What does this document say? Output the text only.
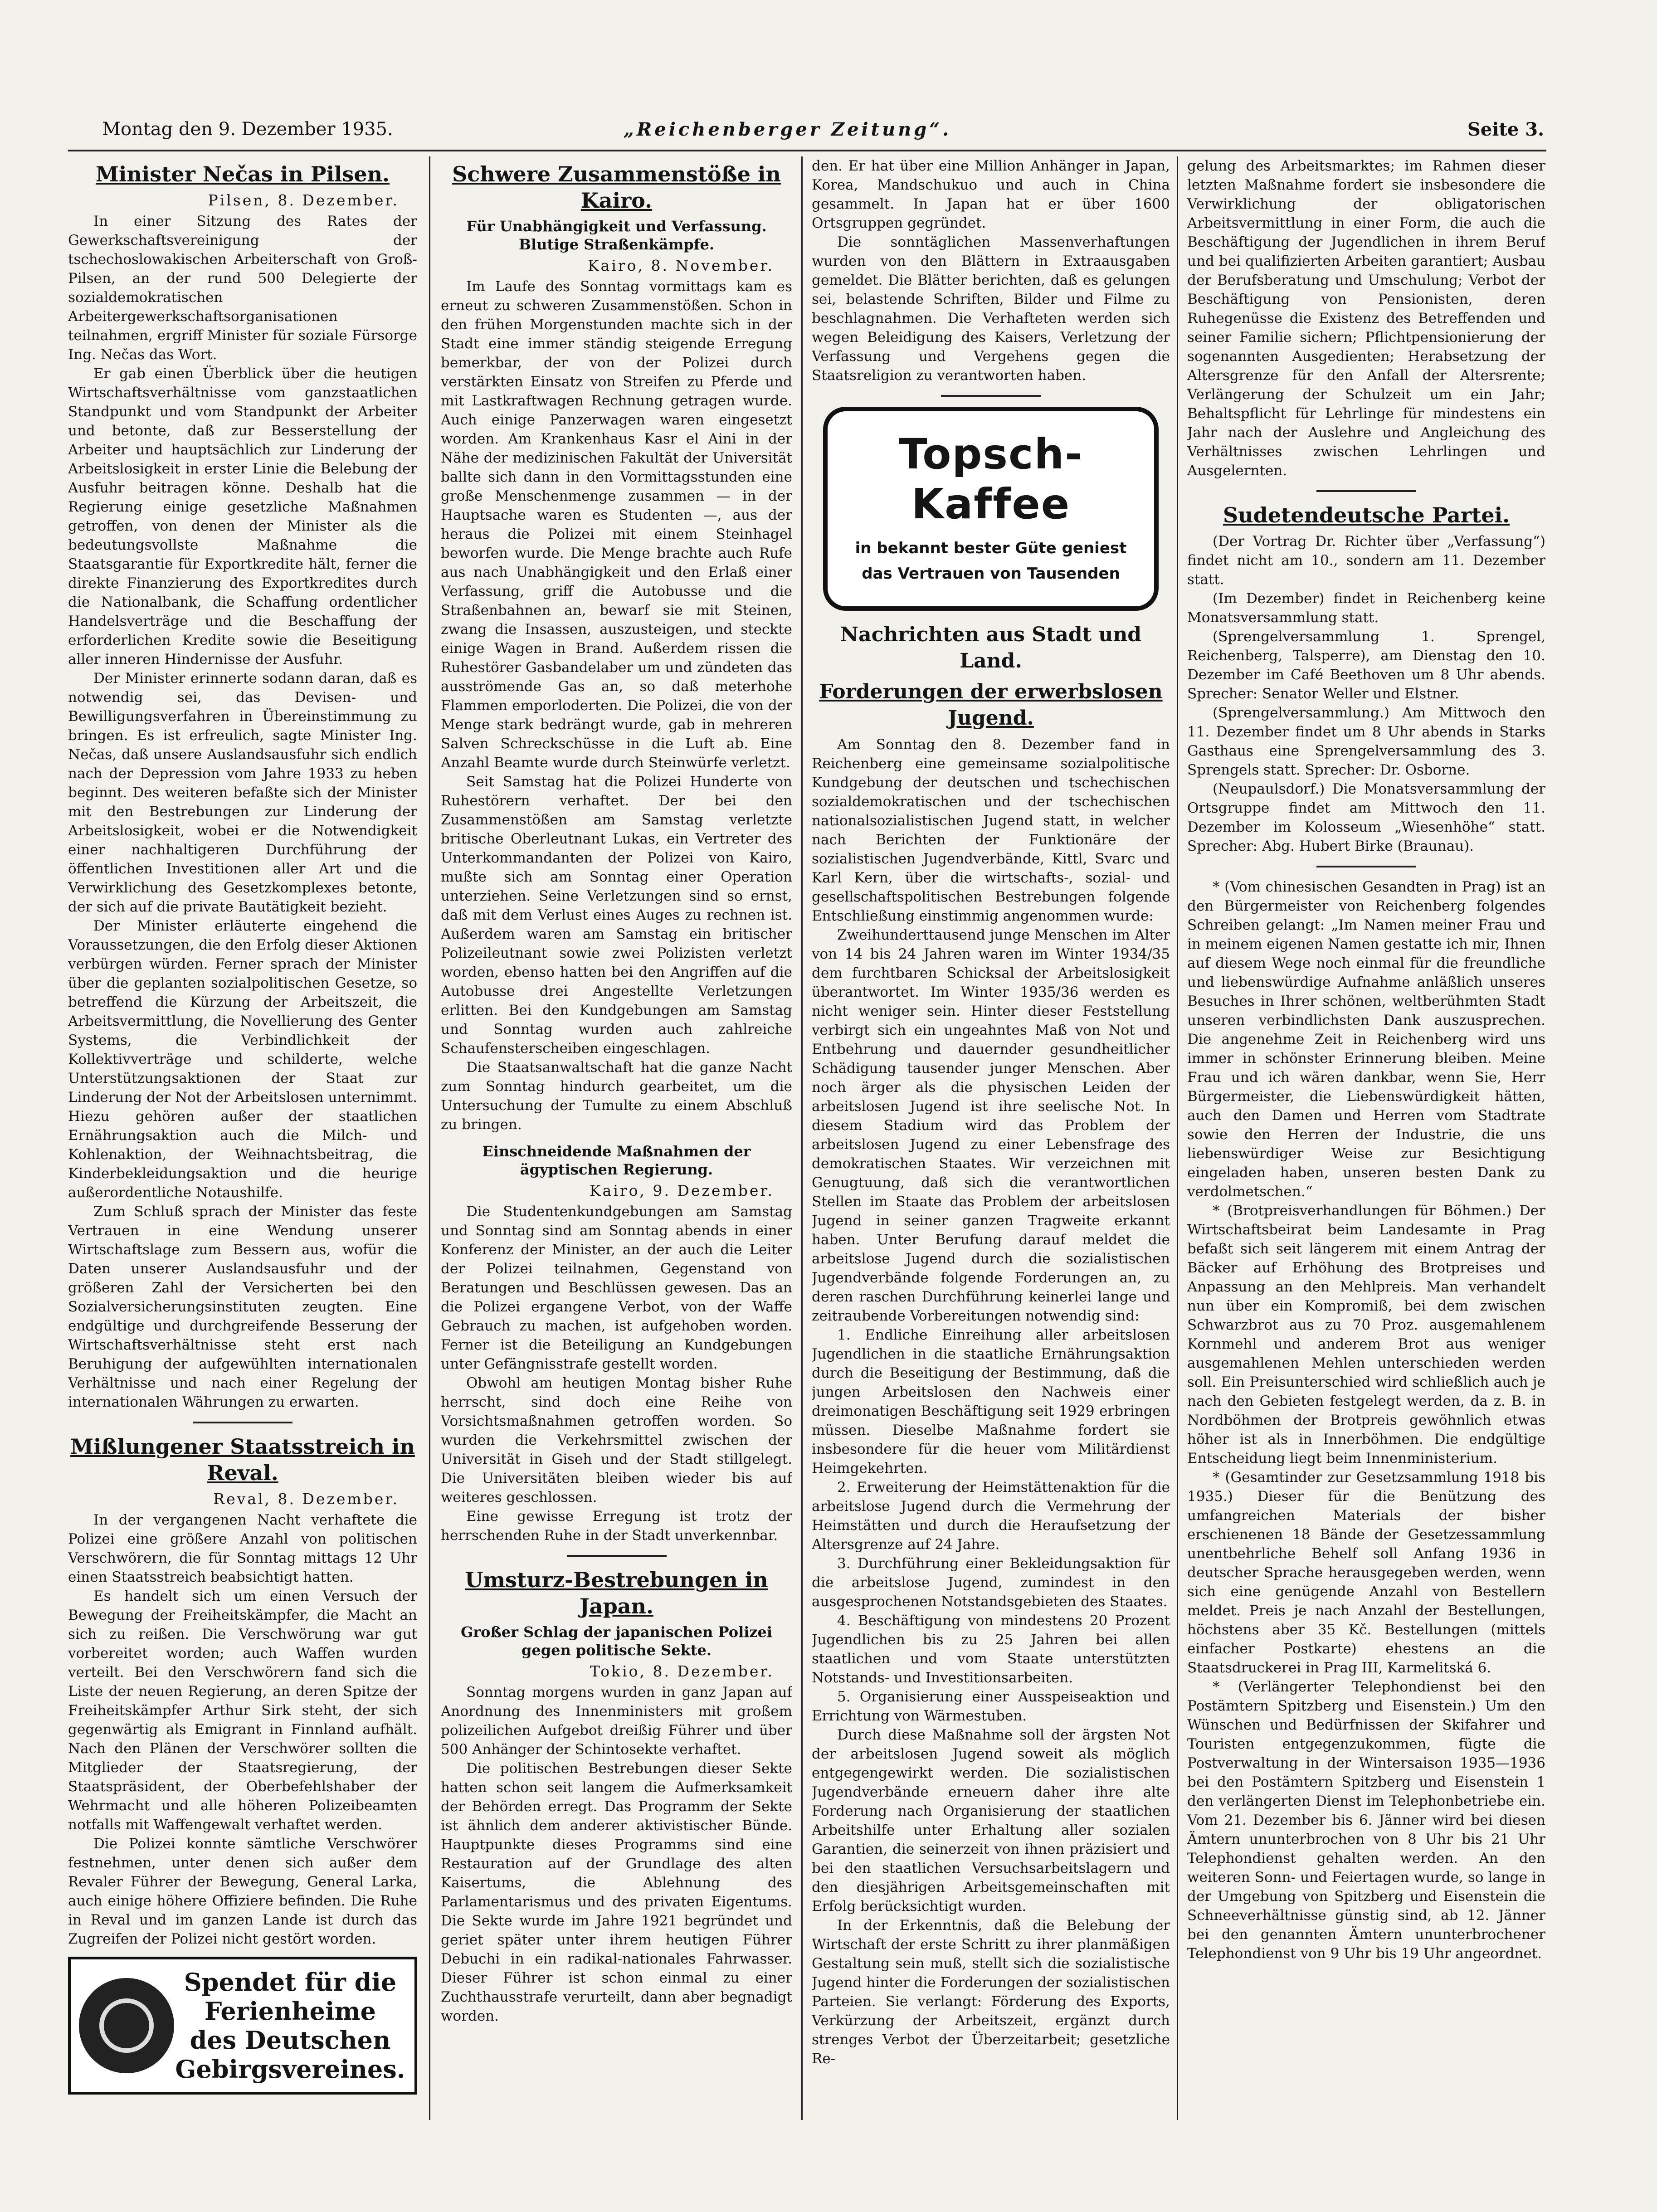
Montag den 9. Dezember 1935.	„Reichenberger Zeitung“.	Seite 3.
Minister Nečas in Pilsen.
Pilsen, 8. Dezember.

In einer Sitzung des Rates der Gewerkschaftsvereinigung der tschechoslowakischen Arbeiterschaft von Groß-Pilsen, an der rund 500 Delegierte der sozialdemokratischen Arbeitergewerkschaftsorganisationen teilnahmen, ergriff Minister für soziale Fürsorge Ing. Nečas das Wort.

Er gab einen Überblick über die heutigen Wirtschaftsverhältnisse vom ganzstaatlichen Standpunkt und vom Standpunkt der Arbeiter und betonte, daß zur Besserstellung der Arbeiter und hauptsächlich zur Linderung der Arbeitslosigkeit in erster Linie die Belebung der Ausfuhr beitragen könne. Deshalb hat die Regierung einige gesetzliche Maßnahmen getroffen, von denen der Minister als die bedeutungsvollste Maßnahme die Staatsgarantie für Exportkredite hält, ferner die direkte Finanzierung des Exportkredites durch die Nationalbank, die Schaffung ordentlicher Handelsverträge und die Beschaffung der erforderlichen Kredite sowie die Beseitigung aller inneren Hindernisse der Ausfuhr.

Der Minister erinnerte sodann daran, daß es notwendig sei, das Devisen- und Bewilligungsverfahren in Übereinstimmung zu bringen. Es ist erfreulich, sagte Minister Ing. Nečas, daß unsere Auslandsausfuhr sich endlich nach der Depression vom Jahre 1933 zu heben beginnt. Des weiteren befaßte sich der Minister mit den Bestrebungen zur Linderung der Arbeitslosigkeit, wobei er die Notwendigkeit einer nachhaltigeren Durchführung der öffentlichen Investitionen aller Art und die Verwirklichung des Gesetzkomplexes betonte, der sich auf die private Bautätigkeit bezieht.

Der Minister erläuterte eingehend die Voraussetzungen, die den Erfolg dieser Aktionen verbürgen würden. Ferner sprach der Minister über die geplanten sozialpolitischen Gesetze, so betreffend die Kürzung der Arbeitszeit, die Arbeitsvermittlung, die Novellierung des Genter Systems, die Verbindlichkeit der Kollektivverträge und schilderte, welche Unterstützungsaktionen der Staat zur Linderung der Not der Arbeitslosen unternimmt. Hiezu gehören außer der staatlichen Ernährungsaktion auch die Milch- und Kohlenaktion, der Weihnachtsbeitrag, die Kinderbekleidungsaktion und die heurige außerordentliche Notaushilfe.

Zum Schluß sprach der Minister das feste Vertrauen in eine Wendung unserer Wirtschaftslage zum Bessern aus, wofür die Daten unserer Auslandsausfuhr und der größeren Zahl der Versicherten bei den Sozialversicherungsinstituten zeugten. Eine endgültige und durchgreifende Besserung der Wirtschaftsverhältnisse steht erst nach Beruhigung der aufgewühlten internationalen Verhältnisse und nach einer Regelung der internationalen Währungen zu erwarten.

Mißlungener Staatsstreich in Reval.
Reval, 8. Dezember.

In der vergangenen Nacht verhaftete die Polizei eine größere Anzahl von politischen Verschwörern, die für Sonntag mittags 12 Uhr einen Staatsstreich beabsichtigt hatten.

Es handelt sich um einen Versuch der Bewegung der Freiheitskämpfer, die Macht an sich zu reißen. Die Verschwörung war gut vorbereitet worden; auch Waffen wurden verteilt. Bei den Verschwörern fand sich die Liste der neuen Regierung, an deren Spitze der Freiheitskämpfer Arthur Sirk steht, der sich gegenwärtig als Emigrant in Finnland aufhält. Nach den Plänen der Verschwörer sollten die Mitglieder der Staatsregierung, der Staatspräsident, der Oberbefehlshaber der Wehrmacht und alle höheren Polizeibeamten notfalls mit Waffengewalt verhaftet werden.

Die Polizei konnte sämtliche Verschwörer festnehmen, unter denen sich außer dem Revaler Führer der Bewegung, General Larka, auch einige höhere Offiziere befinden. Die Ruhe in Reval und im ganzen Lande ist durch das Zugreifen der Polizei nicht gestört worden.

Spendet für die
Ferienheime
des Deutschen
Gebirgsvereines.
Schwere Zusammenstöße in Kairo.
Für Unabhängigkeit und Verfassung. Blutige Straßenkämpfe.
Kairo, 8. November.

Im Laufe des Sonntag vormittags kam es erneut zu schweren Zusammenstößen. Schon in den frühen Morgenstunden machte sich in der Stadt eine immer ständig steigende Erregung bemerkbar, der von der Polizei durch verstärkten Einsatz von Streifen zu Pferde und mit Lastkraftwagen Rechnung getragen wurde. Auch einige Panzerwagen waren eingesetzt worden. Am Krankenhaus Kasr el Aini in der Nähe der medizinischen Fakultät der Universität ballte sich dann in den Vormittagsstunden eine große Menschenmenge zusammen — in der Hauptsache waren es Studenten —, aus der heraus die Polizei mit einem Steinhagel beworfen wurde. Die Menge brachte auch Rufe aus nach Unabhängigkeit und den Erlaß einer Verfassung, griff die Autobusse und die Straßenbahnen an, bewarf sie mit Steinen, zwang die Insassen, auszusteigen, und steckte einige Wagen in Brand. Außerdem rissen die Ruhestörer Gasbandelaber um und zündeten das ausströmende Gas an, so daß meterhohe Flammen emporloderten. Die Polizei, die von der Menge stark bedrängt wurde, gab in mehreren Salven Schreckschüsse in die Luft ab. Eine Anzahl Beamte wurde durch Steinwürfe verletzt.

Seit Samstag hat die Polizei Hunderte von Ruhestörern verhaftet. Der bei den Zusammenstößen am Samstag verletzte britische Oberleutnant Lukas, ein Vertreter des Unterkommandanten der Polizei von Kairo, mußte sich am Sonntag einer Operation unterziehen. Seine Verletzungen sind so ernst, daß mit dem Verlust eines Auges zu rechnen ist. Außerdem waren am Samstag ein britischer Polizeileutnant sowie zwei Polizisten verletzt worden, ebenso hatten bei den Angriffen auf die Autobusse drei Angestellte Verletzungen erlitten. Bei den Kundgebungen am Samstag und Sonntag wurden auch zahlreiche Schaufensterscheiben eingeschlagen.

Die Staatsanwaltschaft hat die ganze Nacht zum Sonntag hindurch gearbeitet, um die Untersuchung der Tumulte zu einem Abschluß zu bringen.

Einschneidende Maßnahmen der ägyptischen Regierung.
Kairo, 9. Dezember.

Die Studentenkundgebungen am Samstag und Sonntag sind am Sonntag abends in einer Konferenz der Minister, an der auch die Leiter der Polizei teilnahmen, Gegenstand von Beratungen und Beschlüssen gewesen. Das an die Polizei ergangene Verbot, von der Waffe Gebrauch zu machen, ist aufgehoben worden. Ferner ist die Beteiligung an Kundgebungen unter Gefängnisstrafe gestellt worden.

Obwohl am heutigen Montag bisher Ruhe herrscht, sind doch eine Reihe von Vorsichtsmaßnahmen getroffen worden. So wurden die Verkehrsmittel zwischen der Universität in Giseh und der Stadt stillgelegt. Die Universitäten bleiben wieder bis auf weiteres geschlossen.

Eine gewisse Erregung ist trotz der herrschenden Ruhe in der Stadt unverkennbar.

Umsturz-Bestrebungen in Japan.
Großer Schlag der japanischen Polizei gegen politische Sekte.
Tokio, 8. Dezember.

Sonntag morgens wurden in ganz Japan auf Anordnung des Innenministers mit großem polizeilichen Aufgebot dreißig Führer und über 500 Anhänger der Schintosekte verhaftet.

Die politischen Bestrebungen dieser Sekte hatten schon seit langem die Aufmerksamkeit der Behörden erregt. Das Programm der Sekte ist ähnlich dem anderer aktivistischer Bünde. Hauptpunkte dieses Programms sind eine Restauration auf der Grundlage des alten Kaisertums, die Ablehnung des Parlamentarismus und des privaten Eigentums. Die Sekte wurde im Jahre 1921 begründet und geriet später unter ihrem heutigen Führer Debuchi in ein radikal-nationales Fahrwasser. Dieser Führer ist schon einmal zu einer Zuchthausstrafe verurteilt, dann aber begnadigt worden.

den. Er hat über eine Million Anhänger in Japan, Korea, Mandschukuo und auch in China gesammelt. In Japan hat er über 1600 Ortsgruppen gegründet.

Die sonntäglichen Massenverhaftungen wurden von den Blättern in Extraausgaben gemeldet. Die Blätter berichten, daß es gelungen sei, belastende Schriften, Bilder und Filme zu beschlagnahmen. Die Verhafteten werden sich wegen Beleidigung des Kaisers, Verletzung der Verfassung und Vergehens gegen die Staatsreligion zu verantworten haben.

Topsch-Kaffee
in bekannt bester Güte geniest
das Vertrauen von Tausenden
Nachrichten aus Stadt und Land.
Forderungen der erwerbslosen Jugend.

Am Sonntag den 8. Dezember fand in Reichenberg eine gemeinsame sozialpolitische Kundgebung der deutschen und tschechischen sozialdemokratischen und der tschechischen nationalsozialistischen Jugend statt, in welcher nach Berichten der Funktionäre der sozialistischen Jugendverbände, Kittl, Svarc und Karl Kern, über die wirtschafts-, sozial- und gesellschaftspolitischen Bestrebungen folgende Entschließung einstimmig angenommen wurde:

Zweihunderttausend junge Menschen im Alter von 14 bis 24 Jahren waren im Winter 1934/35 dem furchtbaren Schicksal der Arbeitslosigkeit überantwortet. Im Winter 1935/36 werden es nicht weniger sein. Hinter dieser Feststellung verbirgt sich ein ungeahntes Maß von Not und Entbehrung und dauernder gesundheitlicher Schädigung tausender junger Menschen. Aber noch ärger als die physischen Leiden der arbeitslosen Jugend ist ihre seelische Not. In diesem Stadium wird das Problem der arbeitslosen Jugend zu einer Lebensfrage des demokratischen Staates. Wir verzeichnen mit Genugtuung, daß sich die verantwortlichen Stellen im Staate das Problem der arbeitslosen Jugend in seiner ganzen Tragweite erkannt haben. Unter Berufung darauf meldet die arbeitslose Jugend durch die sozialistischen Jugendverbände folgende Forderungen an, zu deren raschen Durchführung keinerlei lange und zeitraubende Vorbereitungen notwendig sind:

1. Endliche Einreihung aller arbeitslosen Jugendlichen in die staatliche Ernährungsaktion durch die Beseitigung der Bestimmung, daß die jungen Arbeitslosen den Nachweis einer dreimonatigen Beschäftigung seit 1929 erbringen müssen. Dieselbe Maßnahme fordert sie insbesondere für die heuer vom Militärdienst Heimgekehrten.

2. Erweiterung der Heimstättenaktion für die arbeitslose Jugend durch die Vermehrung der Heimstätten und durch die Heraufsetzung der Altersgrenze auf 24 Jahre.

3. Durchführung einer Bekleidungsaktion für die arbeitslose Jugend, zumindest in den ausgesprochenen Notstandsgebieten des Staates.

4. Beschäftigung von mindestens 20 Prozent Jugendlichen bis zu 25 Jahren bei allen staatlichen und vom Staate unterstützten Notstands- und Investitionsarbeiten.

5. Organisierung einer Ausspeiseaktion und Errichtung von Wärmestuben.

Durch diese Maßnahme soll der ärgsten Not der arbeitslosen Jugend soweit als möglich entgegengewirkt werden. Die sozialistischen Jugendverbände erneuern daher ihre alte Forderung nach Organisierung der staatlichen Arbeitshilfe unter Erhaltung aller sozialen Garantien, die seinerzeit von ihnen präzisiert und bei den staatlichen Versuchsarbeitslagern und den diesjährigen Arbeitsgemeinschaften mit Erfolg berücksichtigt wurden.

In der Erkenntnis, daß die Belebung der Wirtschaft der erste Schritt zu ihrer planmäßigen Gestaltung sein muß, stellt sich die sozialistische Jugend hinter die Forderungen der sozialistischen Parteien. Sie verlangt: Förderung des Exports, Verkürzung der Arbeitszeit, ergänzt durch strenges Verbot der Überzeitarbeit; gesetzliche Re-

gelung des Arbeitsmarktes; im Rahmen dieser letzten Maßnahme fordert sie insbesondere die Verwirklichung der obligatorischen Arbeitsvermittlung in einer Form, die auch die Beschäftigung der Jugendlichen in ihrem Beruf und bei qualifizierten Arbeiten garantiert; Ausbau der Berufsberatung und Umschulung; Verbot der Beschäftigung von Pensionisten, deren Ruhegenüsse die Existenz des Betreffenden und seiner Familie sichern; Pflichtpensionierung der sogenannten Ausgedienten; Herabsetzung der Altersgrenze für den Anfall der Altersrente; Verlängerung der Schulzeit um ein Jahr; Behaltspflicht für Lehrlinge für mindestens ein Jahr nach der Auslehre und Angleichung des Verhältnisses zwischen Lehrlingen und Ausgelernten.

Sudetendeutsche Partei.

(Der Vortrag Dr. Richter über „Verfassung“) findet nicht am 10., sondern am 11. Dezember statt.

(Im Dezember) findet in Reichenberg keine Monatsversammlung statt.

(Sprengelversammlung 1. Sprengel, Reichenberg, Talsperre), am Dienstag den 10. Dezember im Café Beethoven um 8 Uhr abends. Sprecher: Senator Weller und Elstner.

(Sprengelversammlung.) Am Mittwoch den 11. Dezember findet um 8 Uhr abends in Starks Gasthaus eine Sprengelversammlung des 3. Sprengels statt. Sprecher: Dr. Osborne.

(Neupaulsdorf.) Die Monatsversammlung der Ortsgruppe findet am Mittwoch den 11. Dezember im Kolosseum „Wiesenhöhe“ statt. Sprecher: Abg. Hubert Birke (Braunau).

* (Vom chinesischen Gesandten in Prag) ist an den Bürgermeister von Reichenberg folgendes Schreiben gelangt: „Im Namen meiner Frau und in meinem eigenen Namen gestatte ich mir, Ihnen auf diesem Wege noch einmal für die freundliche und liebenswürdige Aufnahme anläßlich unseres Besuches in Ihrer schönen, weltberühmten Stadt unseren verbindlichsten Dank auszusprechen. Die angenehme Zeit in Reichenberg wird uns immer in schönster Erinnerung bleiben. Meine Frau und ich wären dankbar, wenn Sie, Herr Bürgermeister, die Liebenswürdigkeit hätten, auch den Damen und Herren vom Stadtrate sowie den Herren der Industrie, die uns liebenswürdiger Weise zur Besichtigung eingeladen haben, unseren besten Dank zu verdolmetschen.“

* (Brotpreisverhandlungen für Böhmen.) Der Wirtschaftsbeirat beim Landesamte in Prag befaßt sich seit längerem mit einem Antrag der Bäcker auf Erhöhung des Brotpreises und Anpassung an den Mehlpreis. Man verhandelt nun über ein Kompromiß, bei dem zwischen Schwarzbrot aus zu 70 Proz. ausgemahlenem Kornmehl und anderem Brot aus weniger ausgemahlenen Mehlen unterschieden werden soll. Ein Preisunterschied wird schließlich auch je nach den Gebieten festgelegt werden, da z. B. in Nordböhmen der Brotpreis gewöhnlich etwas höher ist als in Innerböhmen. Die endgültige Entscheidung liegt beim Innenministerium.

* (Gesamtinder zur Gesetzsammlung 1918 bis 1935.) Dieser für die Benützung des umfangreichen Materials der bisher erschienenen 18 Bände der Gesetzessammlung unentbehrliche Behelf soll Anfang 1936 in deutscher Sprache herausgegeben werden, wenn sich eine genügende Anzahl von Bestellern meldet. Preis je nach Anzahl der Bestellungen, höchstens aber 35 Kč. Bestellungen (mittels einfacher Postkarte) ehestens an die Staatsdruckerei in Prag III, Karmelitská 6.

* (Verlängerter Telephondienst bei den Postämtern Spitzberg und Eisenstein.) Um den Wünschen und Bedürfnissen der Skifahrer und Touristen entgegenzukommen, fügte die Postverwaltung in der Wintersaison 1935—1936 bei den Postämtern Spitzberg und Eisenstein 1 den verlängerten Dienst im Telephonbetriebe ein. Vom 21. Dezember bis 6. Jänner wird bei diesen Ämtern ununterbrochen von 8 Uhr bis 21 Uhr Telephondienst gehalten werden. An den weiteren Sonn- und Feiertagen wurde, so lange in der Umgebung von Spitzberg und Eisenstein die Schneeverhältnisse günstig sind, ab 12. Jänner bei den genannten Ämtern ununterbrochener Telephondienst von 9 Uhr bis 19 Uhr angeordnet.
